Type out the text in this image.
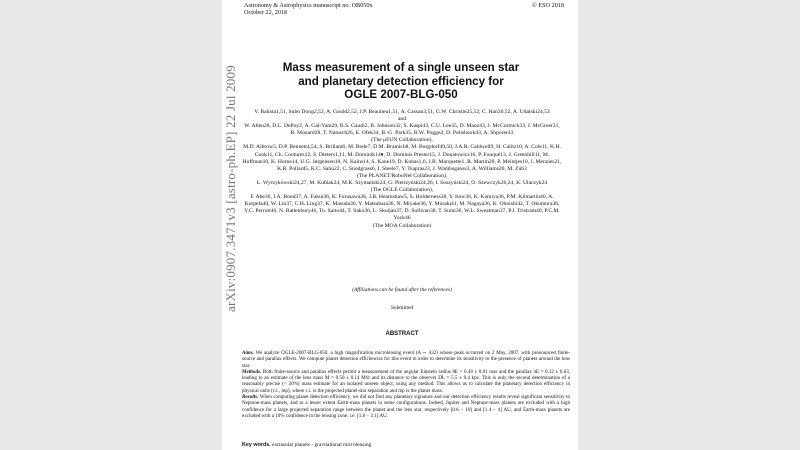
Astronomy & Astrophysics manuscript no. OB050x
October 22, 2018
© ESO 2018
Mass measurement of a single unseen star
and planetary detection efficiency for
OGLE 2007-BLG-050

V. Batista1,51, Subo Dong2,52, A. Gould2,52, J.P. Beaulieu1,51, A. Cassan3,51, G.W. Christie25,52, C. Han30,52, A. Udalski24,53

and

W. Allen28, D.L. DePoy2, A. Gal-Yam29, B.S. Gaudi2, B. Johnson32, S. Kaspi43, C.U. Lee35, D. Maoz43, J. McCormick33, I. McGreer31, B. Monard28, T. Natusch26, E. Ofek34, B.-G. Park35, R.W. Pogge2, D. Polishook43, A. Shporer43

(The μFUN Collaboration),

M.D. Albrow5, D.P. Bennett4,54, S. Brillant6, M. Bode7, D.M. Bramich8, M. Burgdorf49,50, J.A.R. Caldwell9, H. Calitz10, A. Cole11, K.H. Cook11, Ch. Coutures12, S. Dieters1,11, M. Dominik14♦, D. Dominis Prester15, J. Donatowicz16, P. Fouqué13, J. Greenhill11, M. Hoffman10, K. Horne14, U.G. Jørgensen18, N. Kains14, S. Kane19, D. Kubas1,6, J.B. Marquette1, R. Martin20, P. Meintjes10, J. Menzies21, K.R. Pollard5, K.C. Sahu22, C. Snodgrass6, I. Steele7, Y. Tsapras23, J. Wambsganss3, A. Williams20, M. Zub3

(The PLANET/RoboNet Collaboration),

Ł. Wyrzykowski24,27, M. Kubiak24, M.K. Szymański24, G. Pietrzyński24,26, I. Soszyński24, O. Szewczyk26,24, K. Ulaczyk24

(The OGLE Collaboration),

F. Abe36, I.A. Bond37, A. Fukui36, K. Furusawa36, J.B. Hearnshaw5, S. Holderness38, Y. Itow36, K. Kamiya36, P.M. Kilmartin40, A. Korpela40, W. Lin37, C.H. Ling37, K. Masuda36, Y. Matsubara36, N. Miyake36, Y. Muraki41, M. Nagaya36, K. Ohnishi42, T. Okumura36, Y.C. Perrott46, N. Rattenbury46, To. Saito44, T. Sako36, L. Skuljan37, D. Sullivan38, T. Sumi36, W.L. Sweatman37, P.J. Tristram40, P.C.M. Yock46

(The MOA Collaboration)

(Affiliations can be found after the references)
Submitted
ABSTRACT

Aims. We analyze OGLE-2007-BLG-050, a high magnification microlensing event (A ∼ 432) whose peak occurred on 2 May, 2007, with pronounced finite-source and parallax effects. We compute planet detection efficiencies for this event in order to determine its sensitivity to the presence of planets around the lens star.

Methods. Both finite-source and parallax effects permit a measurement of the angular Einstein radius θE = 0.48 ± 0.01 mas and the parallax πE = 0.12 ± 0.03, leading to an estimate of the lens mass M = 0.50 ± 0.14 M⊙ and its distance to the observer DL = 5.5 ± 0.4 kpc. This is only the second determination of a reasonably precise (< 30%) mass estimate for an isolated unseen object, using any method. This allows us to calculate the planetary detection efficiency in physical units (r⊥, mp), where r⊥ is the projected planet-star separation and mp is the planet mass.

Results. When computing planet detection efficiency, we did not find any planetary signature and our detection efficiency results reveal significant sensitivity to Neptune-mass planets, and to a lesser extent Earth-mass planets in some configurations. Indeed, Jupiter and Neptune-mass planets are excluded with a high confidence for a large projected separation range between the planet and the lens star, respectively [0.6 − 10] and [1.4 − 4] AU, and Earth-mass planets are excluded with a 10% confidence in the lensing zone, i.e. [1.8 − 3.1] AU.

Key words. extrasolar planets - gravitational microlensing
arXiv:0907.3471v3 [astro-ph.EP] 22 Jul 2009
